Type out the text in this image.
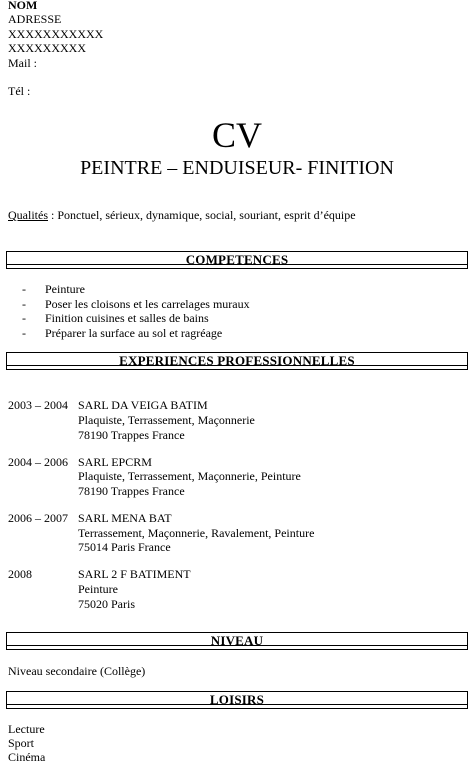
NOM
ADRESSE
XXXXXXXXXXX
XXXXXXXXX
Mail :
Tél :
CV
PEINTRE – ENDUISEUR- FINITION
Qualités : Ponctuel, sérieux, dynamique, social, souriant, esprit d’équipe
COMPETENCES
- Peinture
- Poser les cloisons et les carrelages muraux
- Finition cuisines et salles de bains
- Préparer la surface au sol et ragréage
EXPERIENCES PROFESSIONNELLES
2003 – 2004 SARL DA VEIGA BATIM
Plaquiste, Terrassement, Maçonnerie
78190 Trappes France
2004 – 2006 SARL EPCRM
Plaquiste, Terrassement, Maçonnerie, Peinture
78190 Trappes France
2006 – 2007 SARL MENA BAT
Terrassement, Maçonnerie, Ravalement, Peinture
75014 Paris France
2008	SARL 2 F BATIMENT
Peinture
75020 Paris
NIVEAU
Niveau secondaire (Collège)
LOISIRS
Lecture
Sport
Cinéma
